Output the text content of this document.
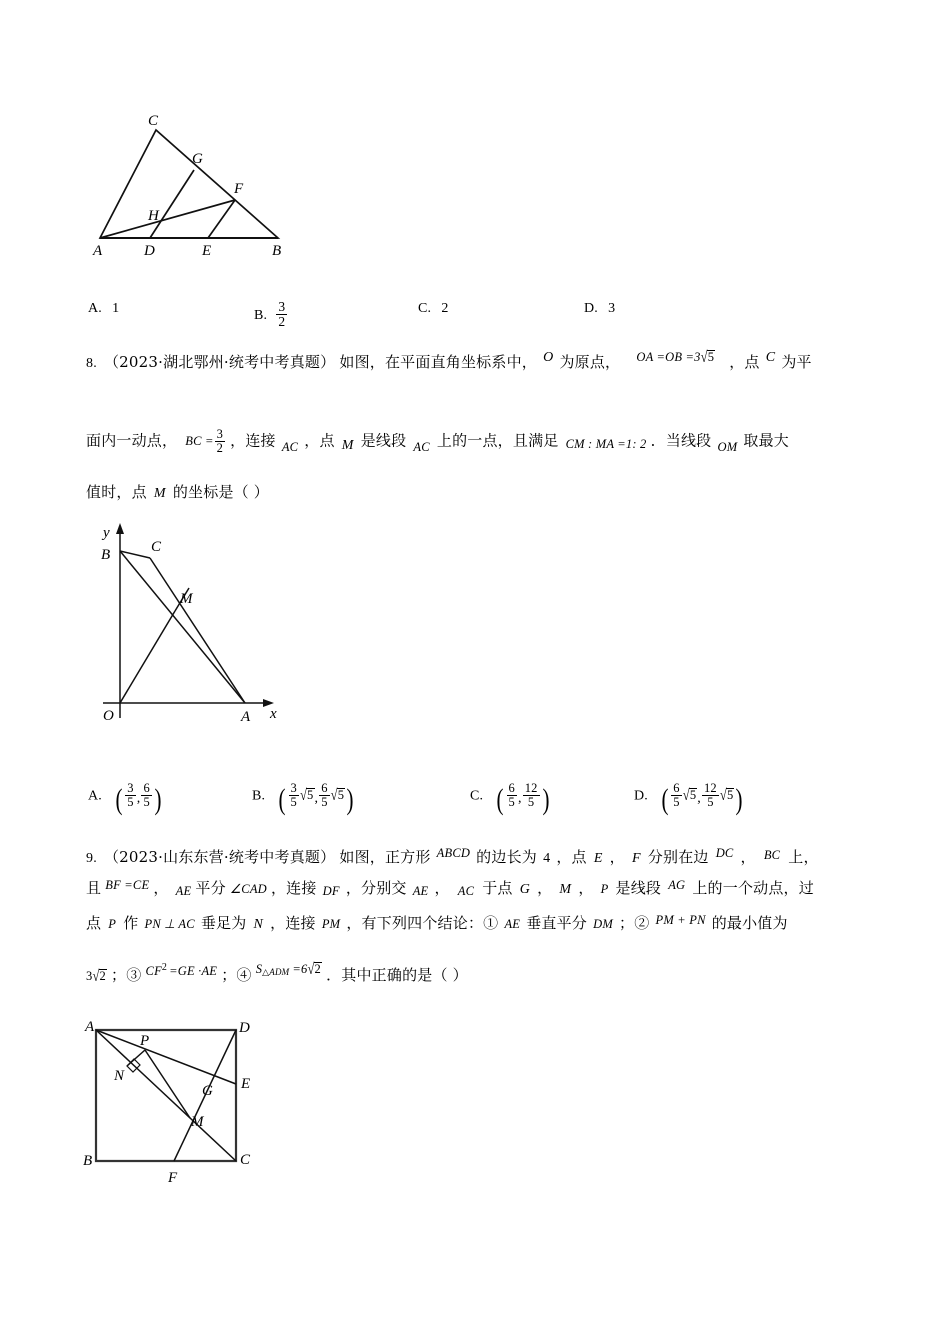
C
G
F
H
A	D	E	B
A. 1	B. $\frac{3}{2}$	C. 2	D. 3
8. （2023·湖北鄂州·统考中考真题） 如图，在平面直角坐标系中， O 为原点， $^{OA =OB =3}$√5 ，点 C 为平
面内一动点， BC = $\frac{3}{2}$ ，连接 $_{AC}$ ，点 M 是线段 $_{AC}$ 上的一点，且满足 CM : MA =1: 2 ．当线段 $_{OM}$ 取最大
值时，点 M 的坐标是（ ）
y
x
B	C
M
O	A
A. ( $\frac{3}{5}$ , $\frac{6}{5}$ )	B. ( $\frac{3}{5} √5$, $\frac{6}{5} √5$)	C. ( $\frac{6}{5}$ , $\frac{12}{5}$ )	D. ( $\frac{6}{5} √5$, $\frac{12}{5} √5$)
9. （2023·山东东营·统考中考真题） 如图，正方形 $^{ABCD}$ 的边长为 4 ，点 E ， F 分别在边 $^{DC}$ ， BC 上，
且 $^{BF =CE}$ ， AE 平分 ∠CAD ，连接 DF ，分别交 AE ， AC 于点 G ， M ， P 是线段 $^{AG}$ 上的一个动点，过
点 P 作 PN ⊥ AC 垂足为 N ，连接 PM ，有下列四个结论：① AE 垂直平分 DM ；② $^{PM + PN}$ 的最小值为
3√2 ；③ $^{CF2}$ $^{=GE \cdot AE}$ ；④ $^{S\triangle ADM}$ $^{=6}$√2 ．其中正确的是（ ）
A	D
P
N	E
G
M
B	C
F
